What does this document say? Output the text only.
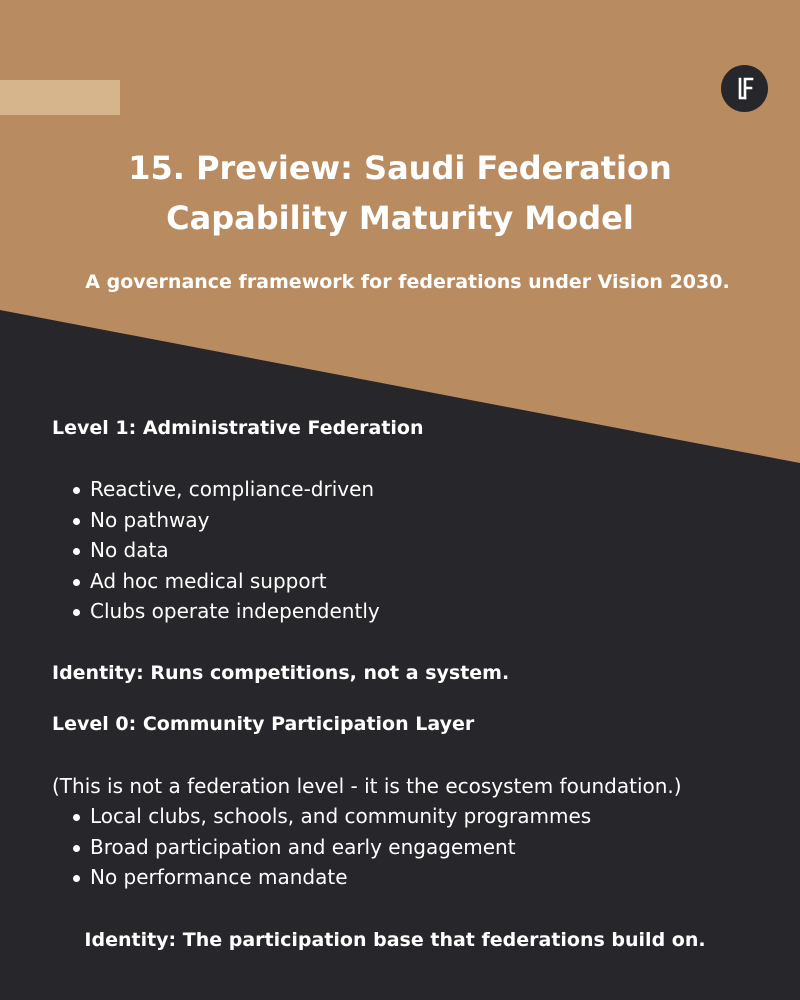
15. Preview: Saudi Federation
Capability Maturity Model

A governance framework for federations under Vision 2030.

Level 1: Administrative Federation
Reactive, compliance-driven
No pathway
No data
Ad hoc medical support
Clubs operate independently

Identity: Runs competitions, not a system.

Level 0: Community Participation Layer

(This is not a federation level - it is the ecosystem foundation.)

Local clubs, schools, and community programmes
Broad participation and early engagement
No performance mandate

Identity: The participation base that federations build on.
